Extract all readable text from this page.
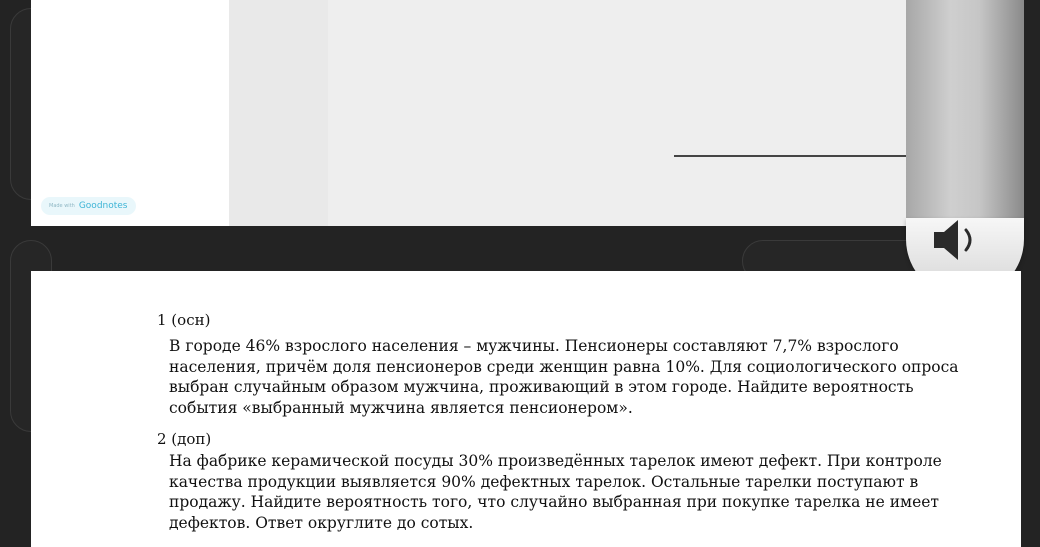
Made with Goodnotes
1 (осн)
В городе 46% взрослого населения – мужчины. Пенсионеры составляют 7,7% взрослого
населения, причём доля пенсионеров среди женщин равна 10%. Для социологического опроса
выбран случайным образом мужчина, проживающий в этом городе. Найдите вероятность
события «выбранный мужчина является пенсионером».
2 (доп)
На фабрике керамической посуды 30% произведённых тарелок имеют дефект. При контроле
качества продукции выявляется 90% дефектных тарелок. Остальные тарелки поступают в
продажу. Найдите вероятность того, что случайно выбранная при покупке тарелка не имеет
дефектов. Ответ округлите до сотых.
